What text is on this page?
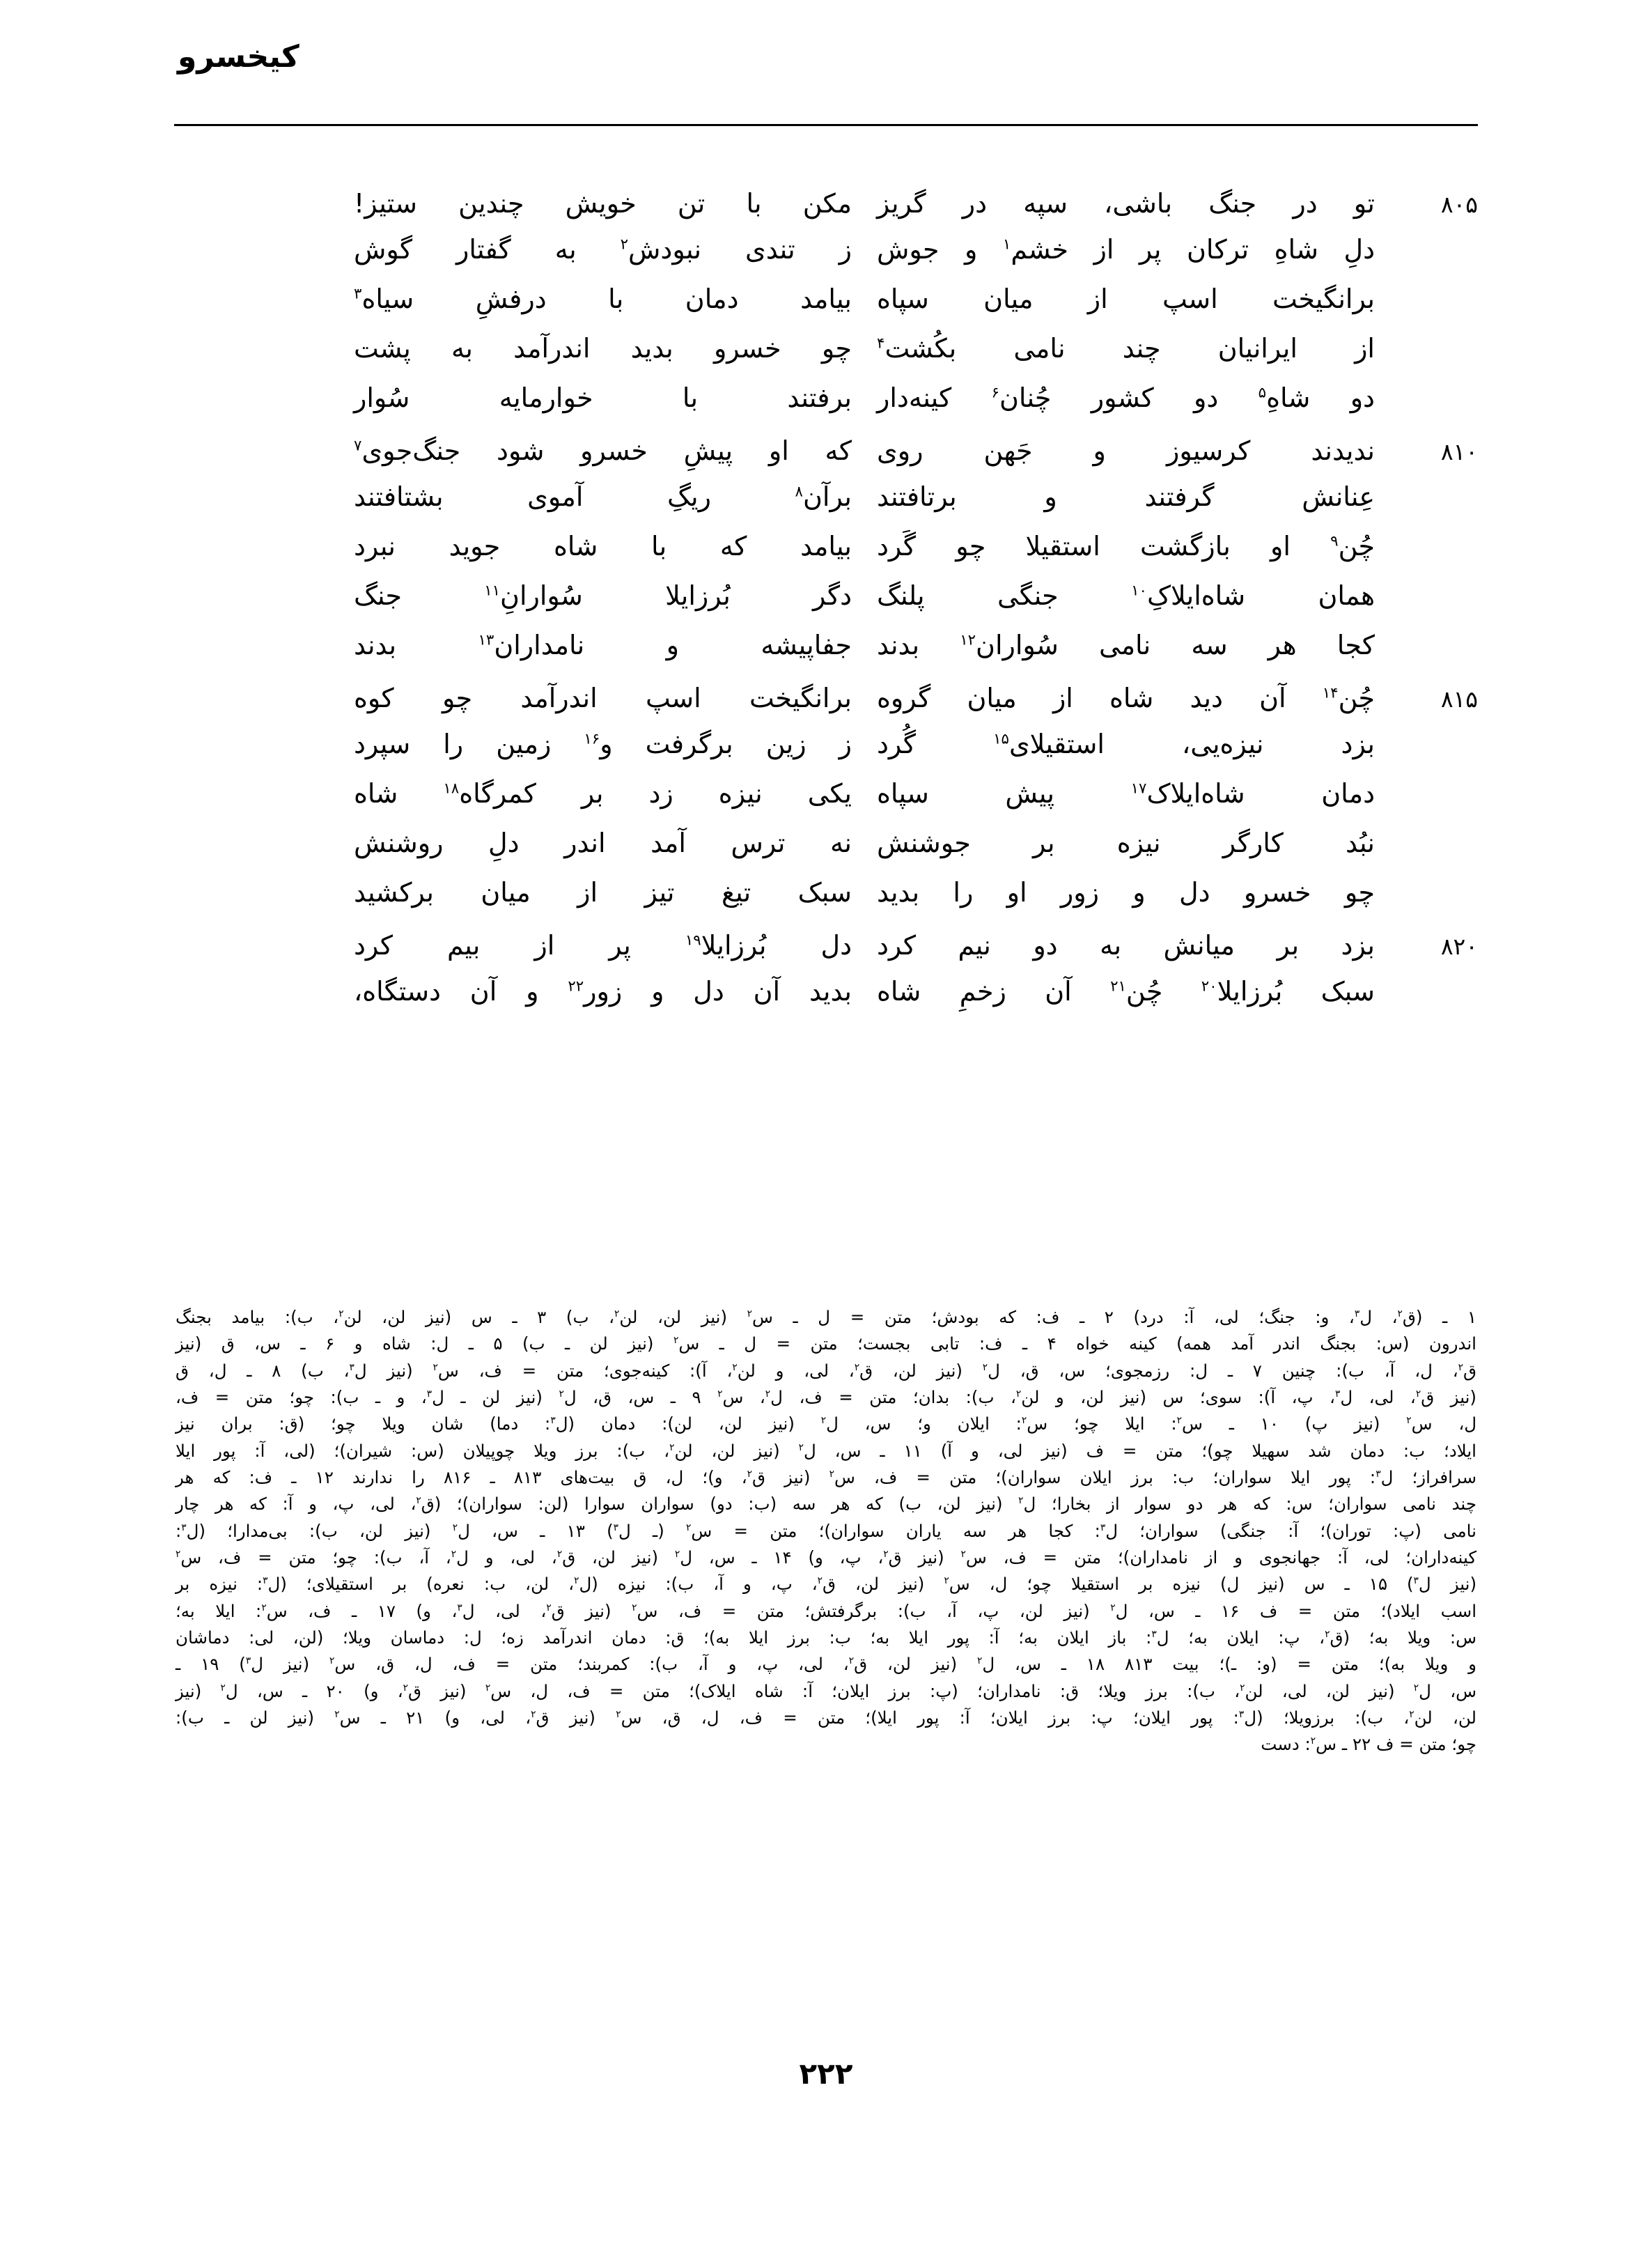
کیخسرو
۸۰۵
تو در جنگ باشی، سپه در گریز
مکن با تن خویش چندین ستیز!
دلِ شاهِ ترکان پر از خشم$^۱$ و جوش
ز تندی نبودش$^۲$ به گفتار گوش
برانگیخت اسپ از میان سپاه
بیامد دمان با درفشِ سیاه$^۳$
از ایرانیان چند نامی بکُشت$^۴$
چو خسرو بدید اندرآمد به پشت
دو شاهِ$^۵$ دو کشور چُنان$^۶$ کینه‌دار
برفتند با خوارمایه سُوار
۸۱۰
ندیدند کرسیوز و جَهن روی
که او پیشِ خسرو شود جنگ‌جوی$^۷$
عِنانش گرفتند و برتافتند
برآن$^۸$ ریگِ آموی بشتافتند
چُن$^۹$ او بازگشت استقیلا چو گَرد
بیامد که با شاه جوید نبرد
همان شاه‌ایلاکِ$^{۱۰}$ جنگی پلنگ
دگر بُرزایلا سُوارانِ$^{۱۱}$ جنگ
کجا هر سه نامی سُواران$^{۱۲}$ بدند
جفاپیشه و نامداران$^{۱۳}$ بدند
۸۱۵
چُن$^{۱۴}$ آن دید شاه از میان گروه
برانگیخت اسپ اندرآمد چو کوه
بزد نیزه‌یی، استقیلای$^{۱۵}$ گُرد
ز زین برگرفت و$^{۱۶}$ زمین را سپرد
دمان شاه‌ایلاک$^{۱۷}$ پیش سپاه
یکی نیزه زد بر کمرگاه$^{۱۸}$ شاه
نبُد کارگر نیزه بر جوشنش
نه ترس آمد اندر دلِ روشنش
چو خسرو دل و زور او را بدید
سبک تیغ تیز از میان برکشید
۸۲۰
بزد بر میانش به دو نیم کرد
دل بُرزایلا$^{۱۹}$ پر از بیم کرد
سبک بُرزایلا$^{۲۰}$ چُن$^{۲۱}$ آن زخمِ شاه
بدید آن دل و زور$^{۲۲}$ و آن دستگاه،
۱ ـ (ق$^۲$، ل$^۳$، و: جنگ؛ لی، آ: درد) ۲ ـ ف: که بودش؛ متن = ل ـ س$^۲$ (نیز لن، لن$^۲$، ب) ۳ ـ س (نیز لن، لن$^۲$، ب): بیامد بجنگ
اندرون (س: بجنگ اندر آمد همه) کینه خواه ۴ ـ ف: تابی بجست؛ متن = ل ـ س$^۲$ (نیز لن ـ ب) ۵ ـ ل: شاه و ۶ ـ س، ق (نیز
ق$^۲$، ل، آ، ب): چنین ۷ ـ ل: رزمجوی؛ س، ق، ل$^۲$ (نیز لن، ق$^۲$، لی، و لن$^۲$، آ): کینه‌جوی؛ متن = ف، س$^۲$ (نیز ل$^۳$، ب) ۸ ـ ل، ق
(نیز ق$^۲$، لی، ل$^۳$، پ، آ): سوی؛ س (نیز لن، و لن$^۲$، ب): بدان؛ متن = ف، ل$^۲$، س$^۲$ ۹ ـ س، ق، ل$^۲$ (نیز لن ـ ل$^۳$، و ـ ب): چو؛ متن = ف،
ل، س$^۲$ (نیز پ) ۱۰ ـ س$^۲$: ایلا چو؛ س$^۲$: ایلان و؛ س، ل$^۲$ (نیز لن، لن): دمان (ل$^۳$: دما) شان ویلا چو؛ (ق: بران نیز
ایلاد؛ ب: دمان شد سهیلا چو)؛ متن = ف (نیز لی، و آ) ۱۱ ـ س، ل$^۲$ (نیز لن، لن$^۲$، ب): برز ویلا چوپیلان (س: شیران)؛ (لی، آ: پور ایلا
سرافراز؛ ل$^۳$: پور ایلا سواران؛ ب: برز ایلان سواران)؛ متن = ف، س$^۲$ (نیز ق$^۲$، و)؛ ل، ق بیت‌های ۸۱۳ ـ ۸۱۶ را ندارند ۱۲ ـ ف: که هر
چند نامی سواران؛ س: که هر دو سوار از بخارا؛ ل$^۲$ (نیز لن، ب) که هر سه (ب: دو) سواران سوارا (لن: سواران)؛ (ق$^۲$، لی، پ، و آ: که هر چار
نامی (پ: توران)؛ آ: جنگی) سواران؛ ل$^۳$: کجا هر سه یاران سواران)؛ متن = س$^۲$ (ـ ل$^۳$) ۱۳ ـ س، ل$^۲$ (نیز لن، ب): بی‌مدارا؛ (ل$^۳$:
کینه‌داران؛ لی، آ: جهانجوی و از نامداران)؛ متن = ف، س$^۲$ (نیز ق$^۲$، پ، و) ۱۴ ـ س، ل$^۲$ (نیز لن، ق$^۲$، لی، و ل$^۲$، آ، ب): چو؛ متن = ف، س$^۲$
(نیز ل$^۳$) ۱۵ ـ س (نیز ل) نیزه بر استقیلا چو؛ ل، س$^۲$ (نیز لن، ق$^۲$، پ، و آ، ب): نیزه (ل$^۲$، لن، ب: نعره) بر استقیلای؛ (ل$^۳$: نیزه بر
اسب ایلاد)؛ متن = ف ۱۶ ـ س، ل$^۲$ (نیز لن، پ، آ، ب): برگرفتش؛ متن = ف، س$^۲$ (نیز ق$^۲$، لی، ل$^۳$، و) ۱۷ ـ ف، س$^۲$: ایلا به؛
س: ویلا به؛ (ق$^۲$، پ: ایلان به؛ ل$^۳$: باز ایلان به؛ آ: پور ایلا به؛ ب: برز ایلا به)؛ ق: دمان اندرآمد زه؛ ل: دماسان ویلا؛ (لن، لی: دماشان
و ویلا به)؛ متن = (و: ـ)؛ بیت ۸۱۳ ۱۸ ـ س، ل$^۲$ (نیز لن، ق$^۲$، لی، پ، و آ، ب): کمربند؛ متن = ف، ل، ق، س$^۲$ (نیز ل$^۳$) ۱۹ ـ
س، ل$^۲$ (نیز لن، لی، لن$^۲$، ب): برز ویلا؛ ق: نامداران؛ (پ: برز ایلان؛ آ: شاه ایلاک)؛ متن = ف، ل، س$^۲$ (نیز ق$^۲$، و) ۲۰ ـ س، ل$^۲$ (نیز
لن، لن$^۲$، ب): برزویلا؛ (ل$^۳$: پور ایلان؛ پ: برز ایلان؛ آ: پور ایلا)؛ متن = ف، ل، ق، س$^۲$ (نیز ق$^۲$، لی، و) ۲۱ ـ س$^۲$ (نیز لن ـ ب):
چو؛ متن = ف ۲۲ ـ س$^۲$: دست
۲۲۲
